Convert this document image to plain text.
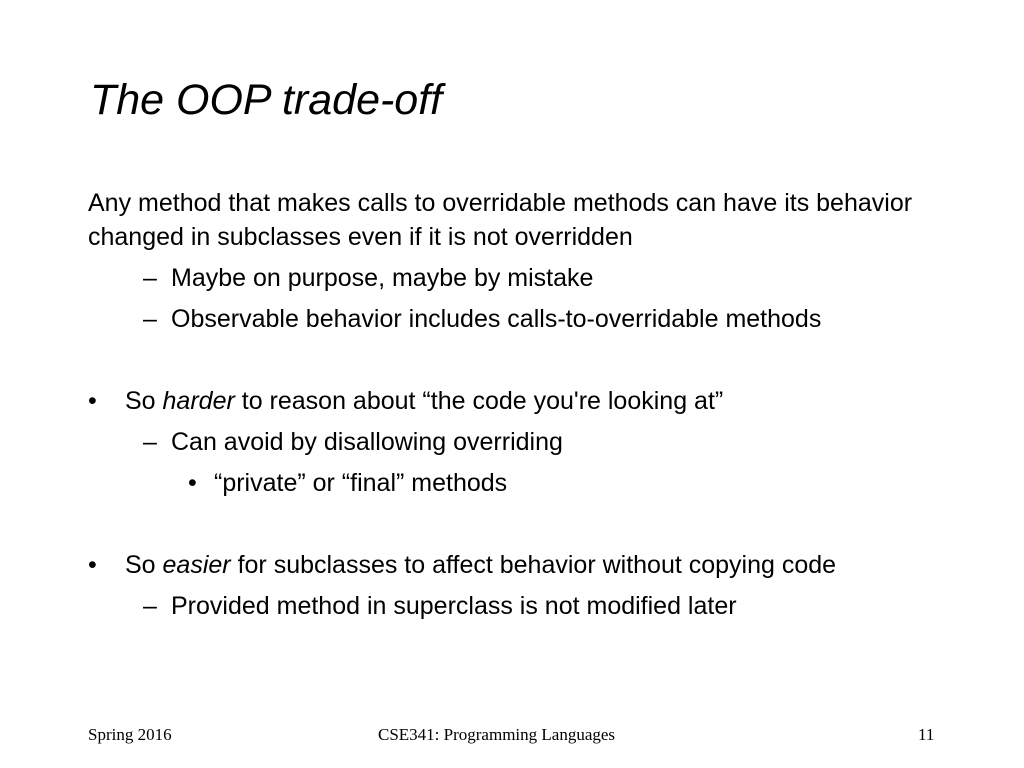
The OOP trade-off
Any method that makes calls to overridable methods can have its behavior changed in subclasses even if it is not overridden
– Maybe on purpose, maybe by mistake
– Observable behavior includes calls-to-overridable methods
• So harder to reason about “the code you're looking at”
– Can avoid by disallowing overriding
• “private” or “final” methods
• So easier for subclasses to affect behavior without copying code
– Provided method in superclass is not modified later
Spring 2016	CSE341: Programming Languages	11
